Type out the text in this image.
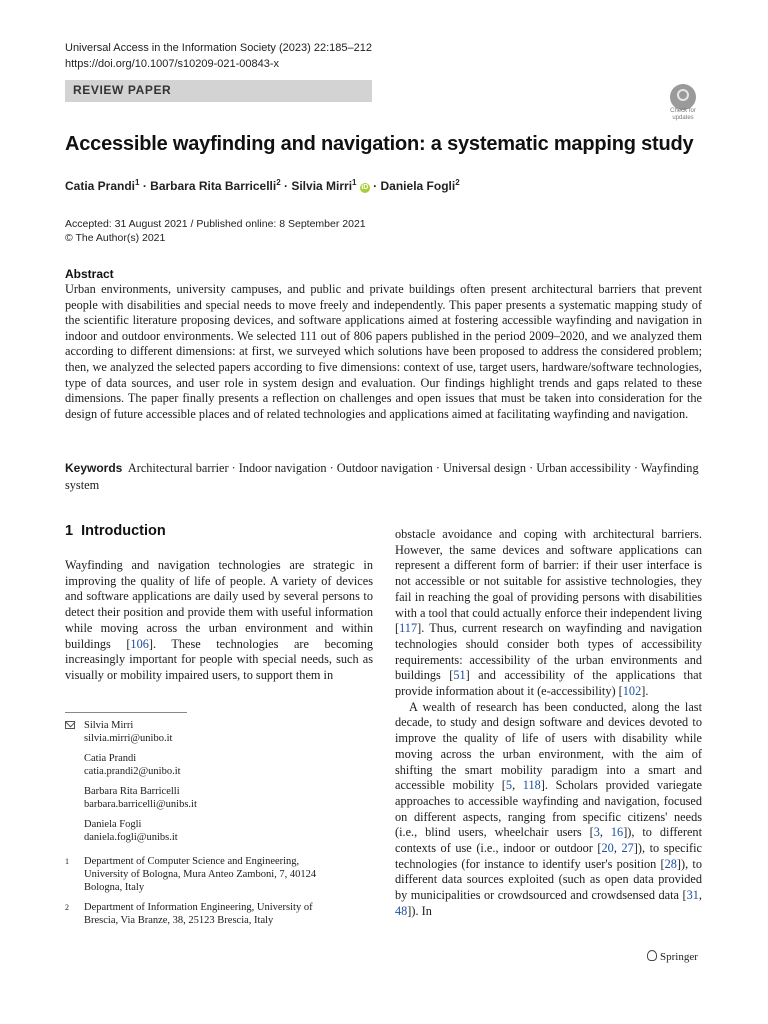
Universal Access in the Information Society (2023) 22:185–212
https://doi.org/10.1007/s10209-021-00843-x
REVIEW PAPER
Check for updates
Accessible wayfinding and navigation: a systematic mapping study
Catia Prandi$^1$ · Barbara Rita Barricelli$^2$ · Silvia Mirri$^1$ iD · Daniela Fogli$^2$
Accepted: 31 August 2021 / Published online: 8 September 2021
© The Author(s) 2021
Abstract
Urban environments, university campuses, and public and private buildings often present architectural barriers that prevent people with disabilities and special needs to move freely and independently. This paper presents a systematic mapping study of the scientific literature proposing devices, and software applications aimed at fostering accessible wayfinding and navigation in indoor and outdoor environments. We selected 111 out of 806 papers published in the period 2009–2020, and we analyzed them according to different dimensions: at first, we surveyed which solutions have been proposed to address the considered problem; then, we analyzed the selected papers according to five dimensions: context of use, target users, hardware/software technologies, type of data sources, and user role in system design and evaluation. Our findings highlight trends and gaps related to these dimensions. The paper finally presents a reflection on challenges and open issues that must be taken into consideration for the design of future accessible places and of related technologies and applications aimed at facilitating wayfinding and navigation.
Keywords Architectural barrier · Indoor navigation · Outdoor navigation · Universal design · Urban accessibility · Wayfinding system
1 Introduction

Wayfinding and navigation technologies are strategic in improving the quality of life of people. A variety of devices and software applications are daily used by several persons to detect their position and provide them with useful information while moving across the urban environment and within buildings [106]. These technologies are becoming increasingly important for people with special needs, such as visually or mobility impaired users, to support them in

obstacle avoidance and coping with architectural barriers. However, the same devices and software applications can represent a different form of barrier: if their user interface is not accessible or not suitable for assistive technologies, they fail in reaching the goal of providing persons with disabilities with a tool that could actually enforce their independent living [117]. Thus, current research on wayfinding and navigation technologies should consider both types of accessibility requirements: accessibility of the urban environments and buildings [51] and accessibility of the applications that provide information about it (e-accessibility) [102].

A wealth of research has been conducted, along the last decade, to study and design software and devices devoted to improve the quality of life of users with disability while moving across the urban environment, with the aim of shifting the smart mobility paradigm into a smart and accessible mobility [5, 118]. Scholars provided variegate approaches to accessible wayfinding and navigation, focused on different aspects, ranging from specific citizens' needs (i.e., blind users, wheelchair users [3, 16]), to different contexts of use (i.e., indoor or outdoor [20, 27]), to specific technologies (for instance to identify user's position [28]), to different data sources exploited (such as open data provided by municipalities or crowdsourced and crowdsensed data [31, 48]). In

Silvia Mirri
silvia.mirri@unibo.it
Catia Prandi
catia.prandi2@unibo.it
Barbara Rita Barricelli
barbara.barricelli@unibs.it
Daniela Fogli
daniela.fogli@unibs.it
1 Department of Computer Science and Engineering, University of Bologna, Mura Anteo Zamboni, 7, 40124 Bologna, Italy
2 Department of Information Engineering, University of Brescia, Via Branze, 38, 25123 Brescia, Italy
Springer
